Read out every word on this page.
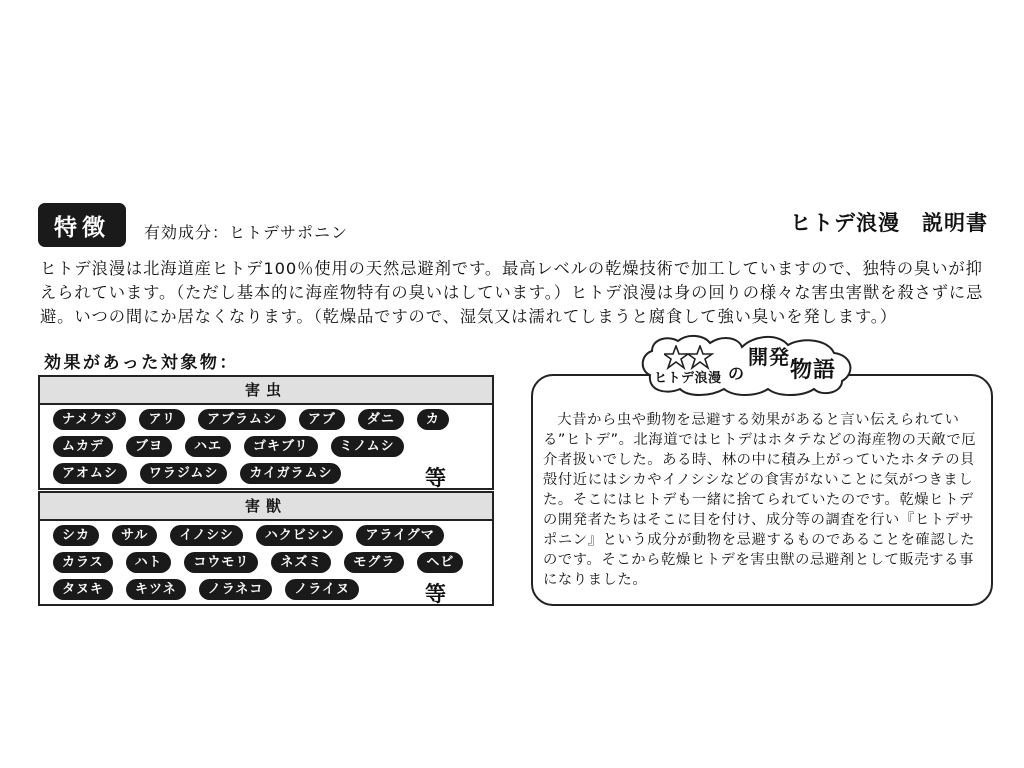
特徴	有効成分：ヒトデサポニン	ヒトデ浪漫　説明書

ヒトデ浪漫は北海道産ヒトデ100％使用の天然忌避剤です。最高レベルの乾燥技術で加工していますので、独特の臭いが抑えられています。（ただし基本的に海産物特有の臭いはしています。）ヒトデ浪漫は身の回りの様々な害虫害獣を殺さずに忌避。いつの間にか居なくなります。（乾燥品ですので、湿気又は濡れてしまうと腐食して強い臭いを発します。）

効果があった対象物：
害虫
ナメクジ	アリ	アブラムシ	アブ	ダニ	カ
ムカデ	ブヨ	ハエ	ゴキブリ	ミノムシ
アオムシ	ワラジムシ	カイガラムシ	等
害獣
シカ	サル	イノシシ	ハクビシン	アライグマ
カラス	ハト	コウモリ	ネズミ	モグラ	ヘビ
タヌキ	キツネ	ノラネコ	ノライヌ	等

大昔から虫や動物を忌避する効果があると言い伝えられている”ヒトデ”。北海道ではヒトデはホタテなどの海産物の天敵で厄介者扱いでした。ある時、林の中に積み上がっていたホタテの貝殻付近にはシカやイノシシなどの食害がないことに気がつきました。そこにはヒトデも一緒に捨てられていたのです。乾燥ヒトデの開発者たちはそこに目を付け、成分等の調査を行い『ヒトデサポニン』という成分が動物を忌避するものであることを確認したのです。そこから乾燥ヒトデを害虫獣の忌避剤として販売する事になりました。

ヒトデ浪漫 の
開発
物語
